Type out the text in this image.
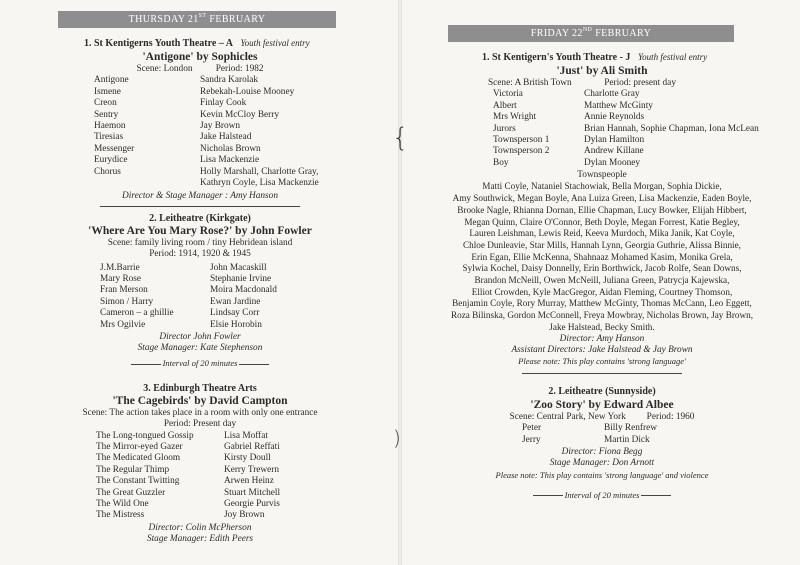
THURSDAY 21ST FEBRUARY
1. St Kentigerns Youth Theatre – A Youth festival entry
'Antigone' by Sophicles
Scene: London	Period: 1982
Antigone	Sandra Karolak
Ismene	Rebekah-Louise Mooney
Creon	Finlay Cook
Sentry	Kevin McCloy Berry
Haemon	Jay Brown
Tiresias	Jake Halstead
Messenger	Nicholas Brown
Eurydice	Lisa Mackenzie
Chorus	Holly Marshall, Charlotte Gray,
Kathryn Coyle, Lisa Mackenzie
Director & Stage Manager : Amy Hanson
2. Leitheatre (Kirkgate)
'Where Are You Mary Rose?' by John Fowler
Scene: family living room / tiny Hebridean island
Period: 1914, 1920 & 1945
J.M.Barrie	John Macaskill
Mary Rose	Stephanie Irvine
Fran Merson	Moira Macdonald
Simon / Harry	Ewan Jardine
Cameron – a ghillie	Lindsay Corr
Mrs Ogilvie	Elsie Horobin
Director John Fowler
Stage Manager: Kate Stephenson
Interval of 20 minutes
3. Edinburgh Theatre Arts
'The Cagebirds' by David Campton
Scene: The action takes place in a room with only one entrance
Period: Present day
The Long-tongued Gossip	Lisa Moffat
The Mirror-eyed Gazer	Gabriel Reffati
The Medicated Gloom	Kirsty Doull
The Regular Thimp	Kerry Trewern
The Constant Twitting	Arwen Heinz
The Great Guzzler	Stuart Mitchell
The Wild One	Georgie Purvis
The Mistress	Joy Brown
Director: Colin McPherson
Stage Manager: Edith Peers
FRIDAY 22ND FEBRUARY
1. St Kentigern's Youth Theatre - J Youth festival entry
'Just' by Ali Smith
Scene: A British Town	Period: present day
Victoria	Charlotte Gray
Albert	Matthew McGinty
Mrs Wright	Annie Reynolds
Jurors	Brian Hannah, Sophie Chapman, Iona McLean
Townsperson 1	Dylan Hamilton
Townsperson 2	Andrew Killane
Boy	Dylan Mooney
Townspeople
Matti Coyle, Nataniel Stachowiak, Bella Morgan, Sophia Dickie,
Amy Southwick, Megan Boyle, Ana Luiza Green, Lisa Mackenzie, Eaden Boyle,
Brooke Nagle, Rhianna Dornan, Ellie Chapman, Lucy Bowker, Elijah Hibbert,
Megan Quinn, Claire O'Connor, Beth Doyle, Megan Forrest, Katie Begley,
Lauren Leishman, Lewis Reid, Keeva Murdoch, Mika Janik, Kat Coyle,
Chloe Dunleavie, Star Mills, Hannah Lynn, Georgia Guthrie, Alissa Binnie,
Erin Egan, Ellie McKenna, Shahnaaz Mohamed Kasim, Monika Grela,
Sylwia Kochel, Daisy Donnelly, Erin Borthwick, Jacob Rolfe, Sean Downs,
Brandon McNeill, Owen McNeill, Juliana Green, Patrycja Kajewska,
Elliot Crowden, Kyle MacGregor, Aidan Fleming, Courtney Thomson,
Benjamin Coyle, Rory Murray, Matthew McGinty, Thomas McCann, Leo Eggett,
Roza Bilinska, Gordon McConnell, Freya Mowbray, Nicholas Brown, Jay Brown,
Jake Halstead, Becky Smith.
Director: Amy Hanson
Assistant Directors: Jake Halstead & Jay Brown
Please note: This play contains 'strong language'
2. Leitheatre (Sunnyside)
'Zoo Story' by Edward Albee
Scene: Central Park, New York Period: 1960
Peter	Billy Renfrew
Jerry	Martin Dick
Director: Fiona Begg
Stage Manager: Don Arnott
Please note: This play contains 'strong language' and violence
Interval of 20 minutes
{
)
